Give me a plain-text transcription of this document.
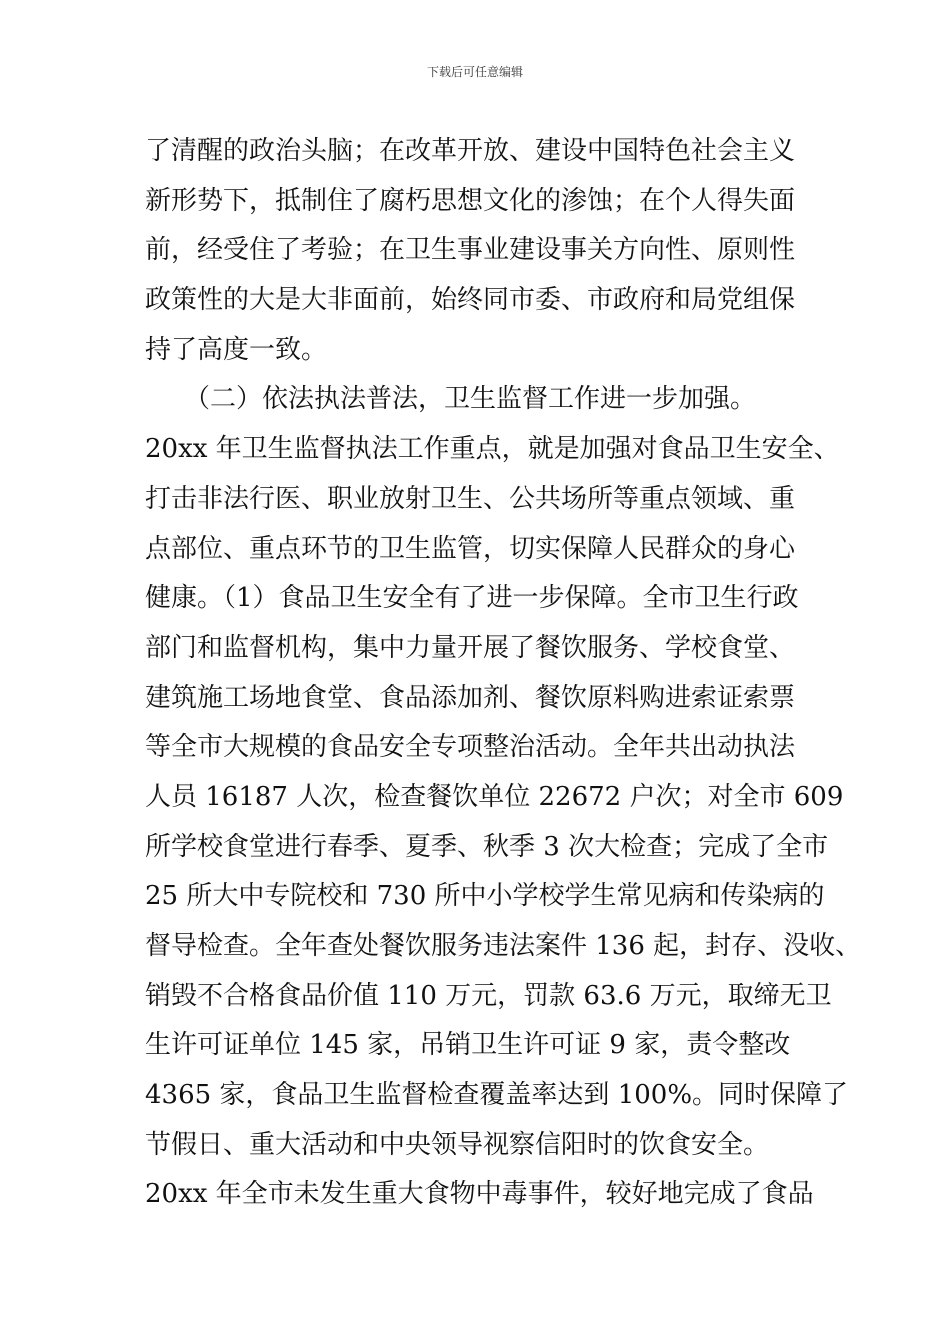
下载后可任意编辑
了清醒的政治头脑；在改革开放、建设中国特色社会主义
新形势下，抵制住了腐朽思想文化的渗蚀；在个人得失面
前，经受住了考验；在卫生事业建设事关方向性、原则性
政策性的大是大非面前，始终同市委、市政府和局党组保
持了高度一致。
　　（二）依法执法普法，卫生监督工作进一步加强。
20xx 年卫生监督执法工作重点，就是加强对食品卫生安全、
打击非法行医、职业放射卫生、公共场所等重点领域、重
点部位、重点环节的卫生监管，切实保障人民群众的身心
健康。（1）食品卫生安全有了进一步保障。全市卫生行政
部门和监督机构，集中力量开展了餐饮服务、学校食堂、
建筑施工场地食堂、食品添加剂、餐饮原料购进索证索票
等全市大规模的食品安全专项整治活动。全年共出动执法
人员 16187 人次，检查餐饮单位 22672 户次；对全市 609
所学校食堂进行春季、夏季、秋季 3 次大检查；完成了全市
25 所大中专院校和 730 所中小学校学生常见病和传染病的
督导检查。全年查处餐饮服务违法案件 136 起，封存、没收、
销毁不合格食品价值 110 万元，罚款 63.6 万元，取缔无卫
生许可证单位 145 家，吊销卫生许可证 9 家，责令整改
4365 家，食品卫生监督检查覆盖率达到 100%。同时保障了
节假日、重大活动和中央领导视察信阳时的饮食安全。
20xx 年全市未发生重大食物中毒事件，较好地完成了食品
